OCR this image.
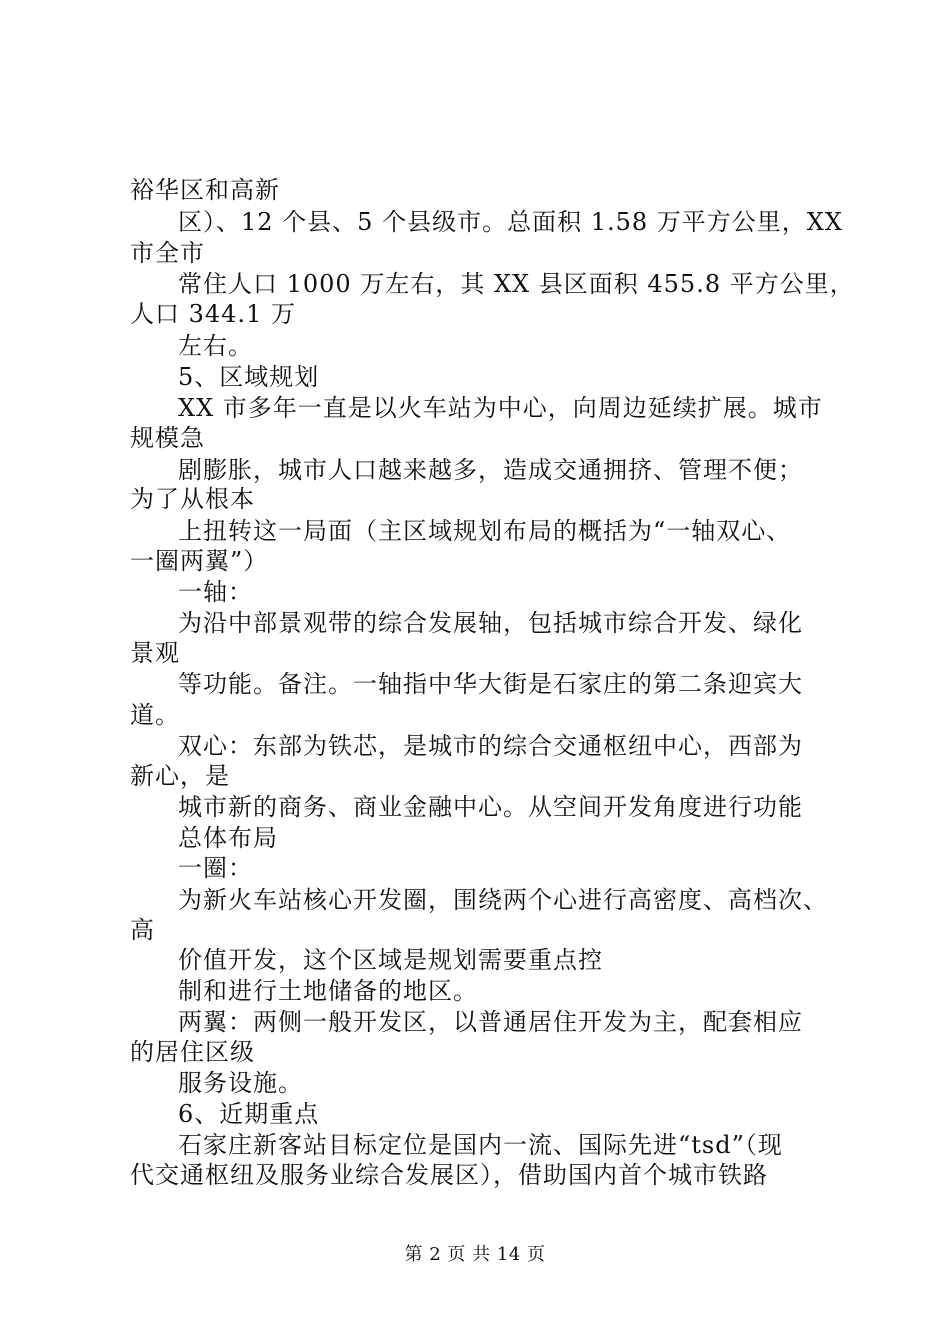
裕华区和高新
区）、12 个县、5 个县级市。总面积 1.58 万平方公里，XX
市全市
常住人口 1000 万左右，其 XX 县区面积 455.8 平方公里，
人口 344.1 万
左右。
5、区域规划
XX 市多年一直是以火车站为中心，向周边延续扩展。城市
规模急
剧膨胀，城市人口越来越多，造成交通拥挤、管理不便；
为了从根本
上扭转这一局面（主区域规划布局的概括为“一轴双心、
一圈两翼”）
一轴：
为沿中部景观带的综合发展轴，包括城市综合开发、绿化
景观
等功能。备注。一轴指中华大街是石家庄的第二条迎宾大
道。
双心：东部为铁芯，是城市的综合交通枢纽中心，西部为
新心，是
城市新的商务、商业金融中心。从空间开发角度进行功能
总体布局
一圈：
为新火车站核心开发圈，围绕两个心进行高密度、高档次、
高
价值开发，这个区域是规划需要重点控
制和进行土地储备的地区。
两翼：两侧一般开发区，以普通居住开发为主，配套相应
的居住区级
服务设施。
6、近期重点
石家庄新客站目标定位是国内一流、国际先进“tsd”（现
代交通枢纽及服务业综合发展区），借助国内首个城市铁路
第 2 页 共 14 页
